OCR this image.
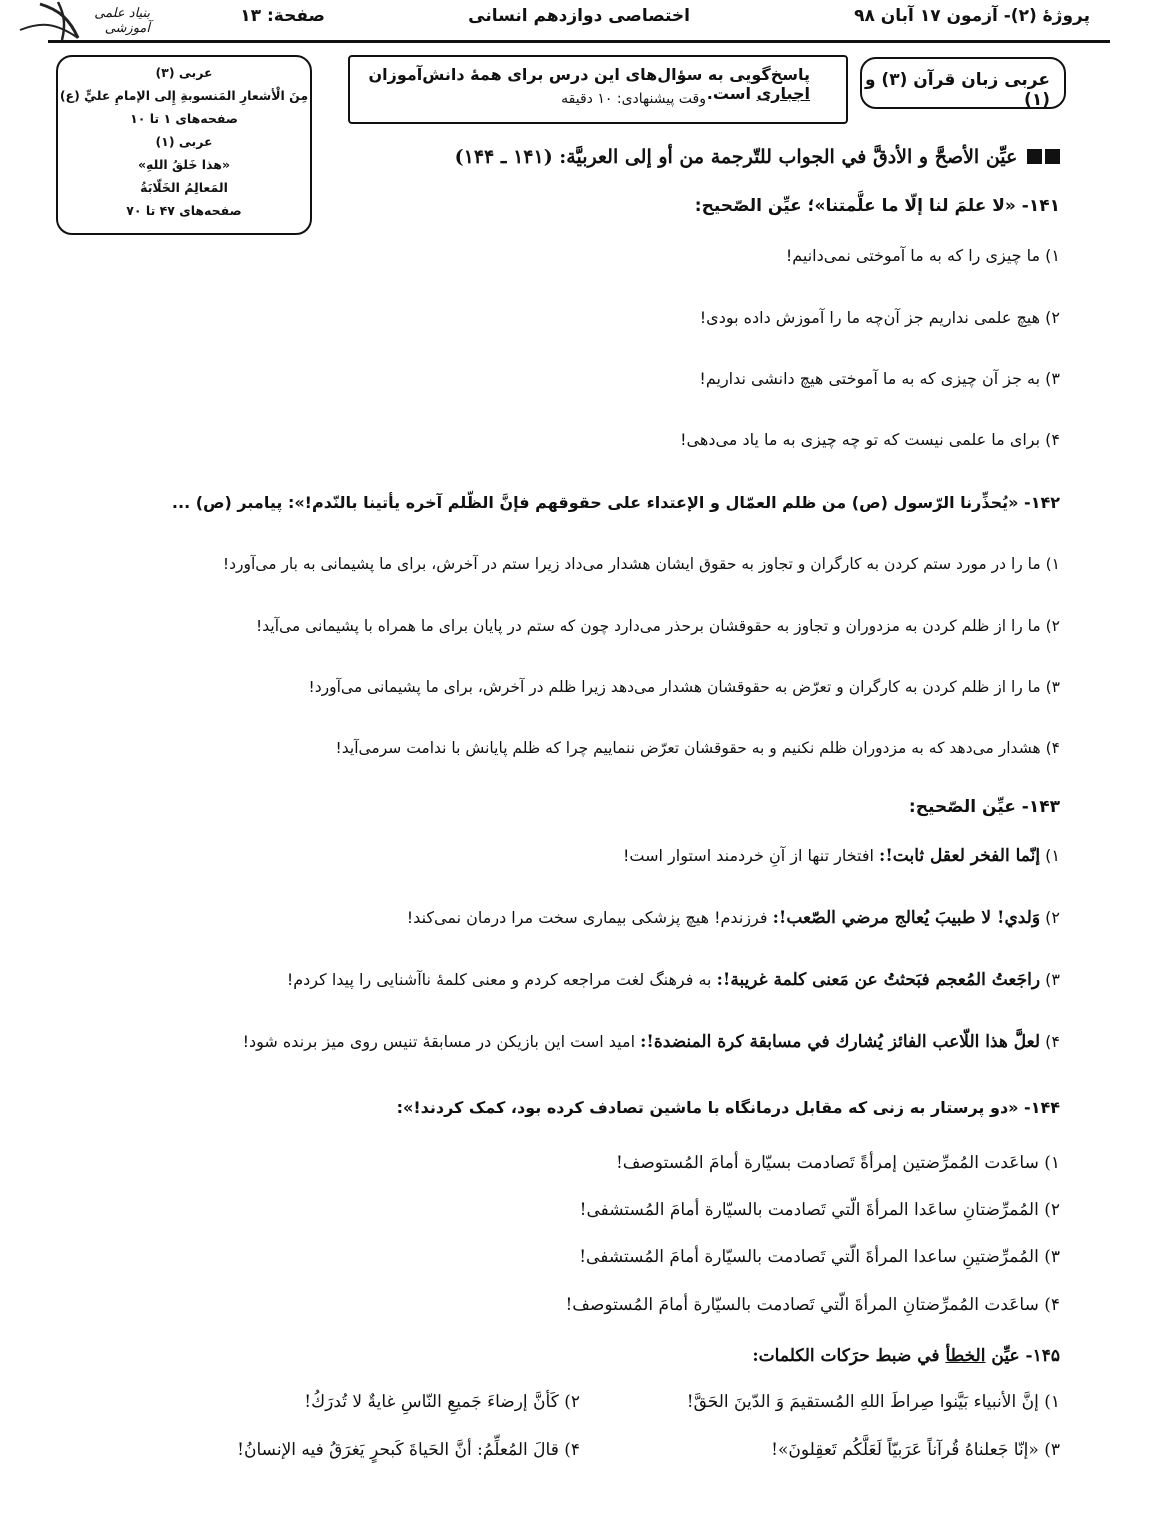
بنیاد علمی آموزشی
پروژۀ (۲)- آزمون ۱۷ آبان ۹۸
اختصاصی دوازدهم انسانی
صفحة: ۱۳
عربی زبان قرآن (۳) و (۱)
پاسخ‌گویی به سؤال‌های این درس برای همهٔ دانش‌آموزان اجباری است.
وقت پیشنهادی: ۱۰ دقیقه
عربی (۳)
مِنَ الْأشعارِ المَنسوبةِ إِلى الإمامِ عليٍّ (ع)
صفحه‌های ۱ تا ۱۰
عربی (۱)
«هذا خَلقُ اللهِ»
المَعالِمُ الخَلّابَةُ
صفحه‌های ۴۷ تا ۷۰
عيِّن الأصحَّ و الأدقَّ في الجواب للتّرجمة من أو إلى العربيَّة: (۱۴۱ ـ ۱۴۴)
۱۴۱- «لا علمَ لنا إلّا ما علَّمتنا»؛ عيِّن الصّحيح:
۱) ما چیزی را که به ما آموختی نمی‌دانیم!
۲) هیچ علمی نداریم جز آن‌چه ما را آموزش داده بودی!
۳) به جز آن چیزی که به ما آموختی هیچ دانشی نداریم!
۴) برای ما علمی نیست که تو چه چیزی به ما یاد می‌دهی!
۱۴۲- «يُحذِّرنا الرّسول (ص) من ظلم العمّال و الإعتداء على حقوقهم فإنَّ الظّلم آخره يأتينا بالنّدم!»: پيامبر (ص) ...
۱) ما را در مورد ستم کردن به کارگران و تجاوز به حقوق ایشان هشدار می‌داد زیرا ستم در آخرش، برای ما پشیمانی به بار می‌آورد!
۲) ما را از ظلم کردن به مزدوران و تجاوز به حقوقشان برحذر می‌دارد چون که ستم در پایان برای ما همراه با پشیمانی می‌آید!
۳) ما را از ظلم کردن به کارگران و تعرّض به حقوقشان هشدار می‌دهد زیرا ظلم در آخرش، برای ما پشیمانی می‌آورد!
۴) هشدار می‌دهد که به مزدوران ظلم نکنیم و به حقوقشان تعرّض ننماییم چرا که ظلم پایانش با ندامت سرمی‌آید!
۱۴۳- عيِّن الصّحيح:
۱) إنّما الفخر لعقل ثابت!: افتخار تنها از آنِ خردمند استوار است!
۲) وَلدي! لا طبيبَ يُعالج مرضي الصّعب!: فرزندم! هیچ پزشکی بیماری سخت مرا درمان نمی‌کند!
۳) راجَعتُ المُعجم فبَحثتُ عن مَعنى كلمة غريبة!: به فرهنگ لغت مراجعه کردم و معنی کلمهٔ ناآشنایی را پیدا کردم!
۴) لعلَّ هذا اللّاعب الفائز يُشارك في مسابقة كرة المنضدة!: امید است این بازیکن در مسابقهٔ تنیس روی میز برنده شود!
۱۴۴- «دو پرستار به زنی که مقابل درمانگاه با ماشین تصادف کرده بود، کمک کردند!»:
۱) ساعَدت المُمرِّضتين إمرأةً تَصادمت بسيّارة أمامَ المُستوصف!
۲) المُمرِّضتانِ ساعَدا المرأةَ الّتي تَصادمت بالسيّارة أمامَ المُستشفى!
۳) المُمرِّضتينِ ساعدا المرأةَ الّتي تَصادمت بالسيّارة أمامَ المُستشفى!
۴) ساعَدت المُمرِّضتانِ المرأةَ الّتي تَصادمت بالسيّارة أمامَ المُستوصف!
۱۴۵- عيِّن الخطأ في ضبط حرَكات الكلمات:
۱) إنَّ الأنبياء بَيَّنوا صِراطَ اللهِ المُستقيمَ وَ الدّينَ الحَقَّ!
۲) كَأنَّ إرضاءَ جَميعِ النّاسِ غايةٌ لا تُدرَكُ!
۳) «إنّا جَعلناهُ قُرآناً عَرَبيّاً لَعَلَّكُم تَعقِلونَ»!
۴) قالَ المُعلِّمُ: أنَّ الحَياةَ كَبحرٍ يَغرَقُ فيه الإنسانُ!
